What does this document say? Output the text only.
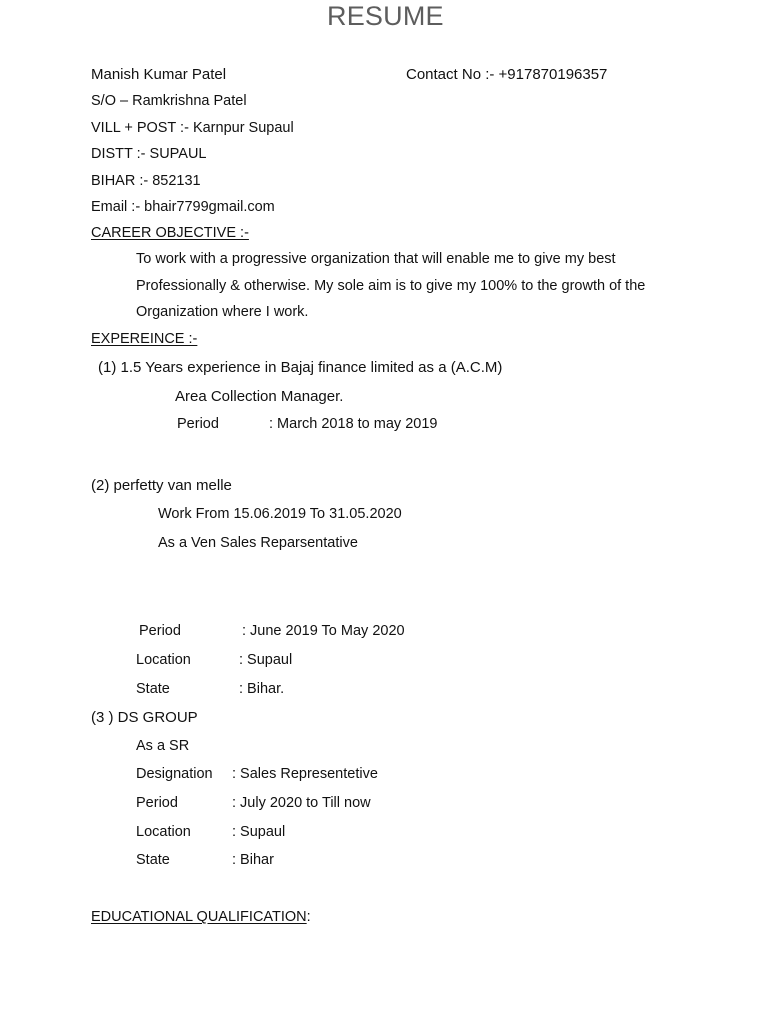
RESUME
Manish Kumar Patel	Contact No :- +917870196357
S/O – Ramkrishna Patel
VILL + POST :- Karnpur Supaul
DISTT :- SUPAUL
BIHAR :- 852131
Email :- bhair7799gmail.com
CAREER OBJECTIVE :-
To work with a progressive organization that will enable me to give my best
Professionally & otherwise. My sole aim is to give my 100% to the growth of the
Organization where I work.
EXPEREINCE :-
(1) 1.5 Years experience in Bajaj finance limited as a (A.C.M)
Area Collection Manager.
Period	: March 2018 to may 2019
(2) perfetty van melle
Work From 15.06.2019 To 31.05.2020
As a Ven Sales Reparsentative
Period	: June 2019 To May 2020
Location	: Supaul
State	: Bihar.
(3 ) DS GROUP
As a SR
Designation : Sales Representetive
Period	: July 2020 to Till now
Location	: Supaul
State	: Bihar
EDUCATIONAL QUALIFICATION:
